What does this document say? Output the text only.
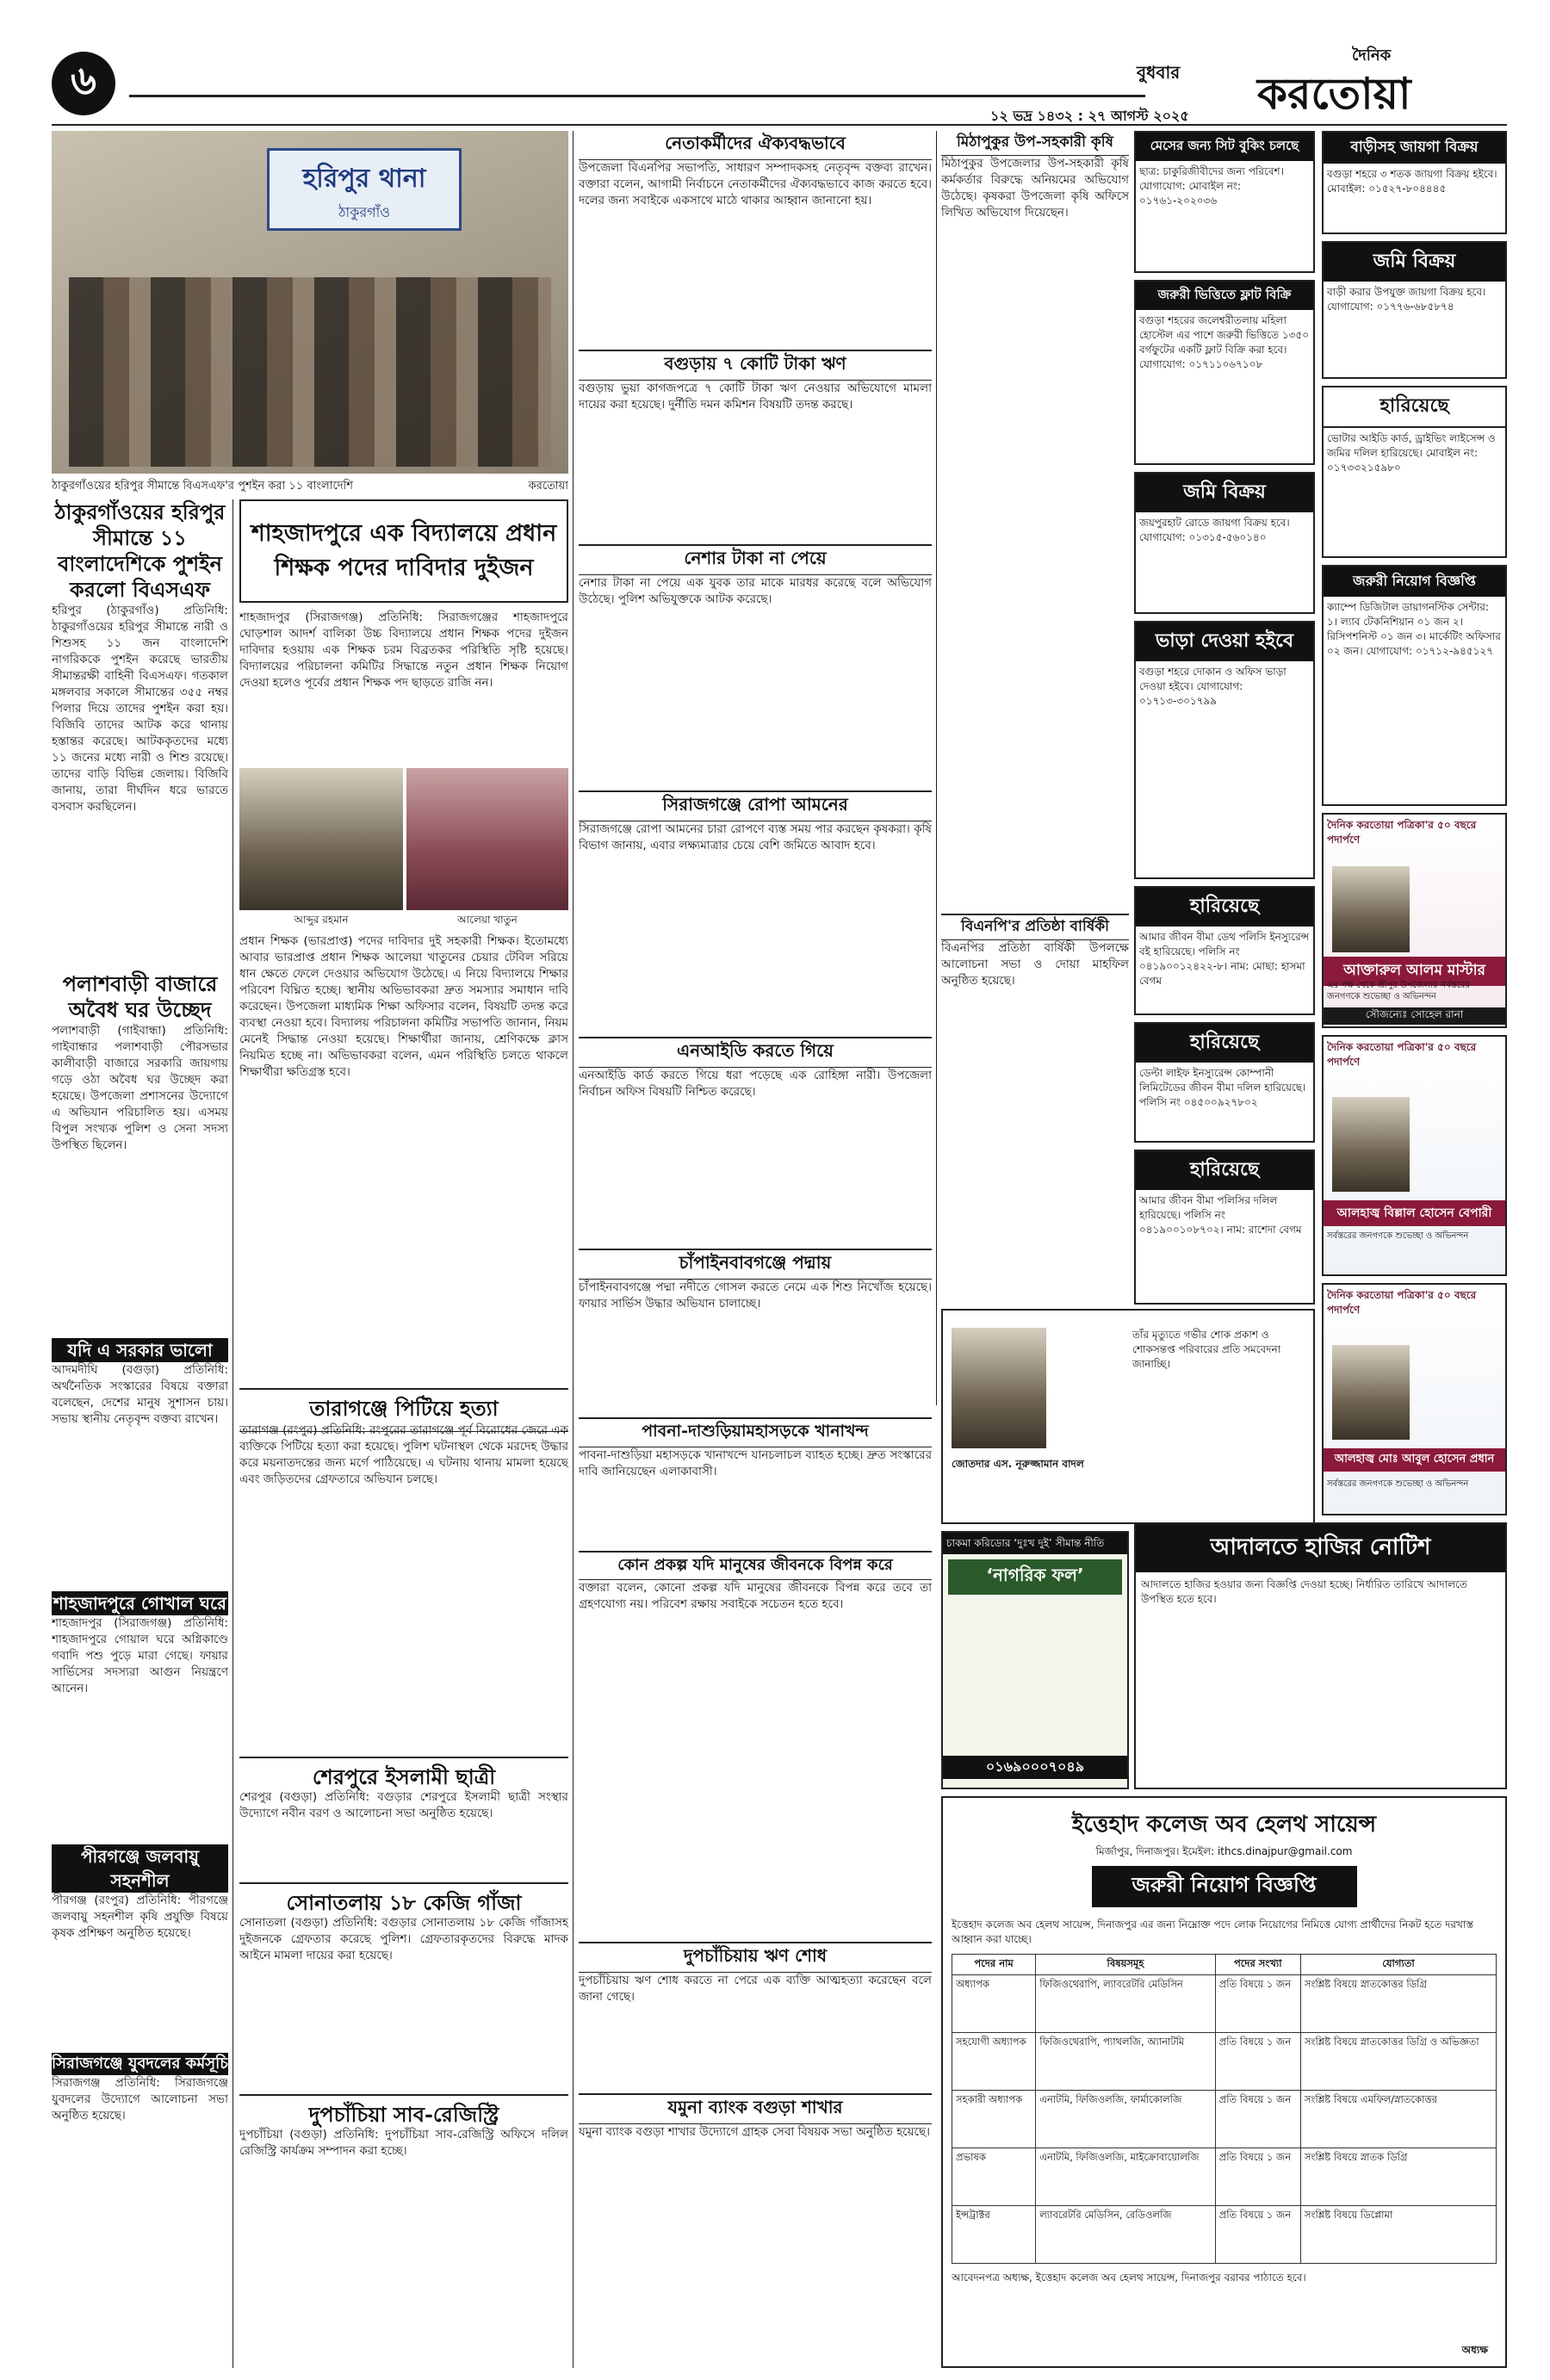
৬	বুধবার
১২ ভদ্র ১৪৩২ : ২৭ আগস্ট ২০২৫
দৈনিক
করতোয়া
হরিপুর থানা
ঠাকুরগাঁও
ঠাকুরগাঁওয়ের হরিপুর সীমান্তে বিএসএফ'র পুশইন করা ১১ বাংলাদেশি	করতোয়া
ঠাকুরগাঁওয়ের হরিপুর সীমান্তে ১১ বাংলাদেশিকে পুশইন করলো বিএসএফ
হরিপুর (ঠাকুরগাঁও) প্রতিনিধি: ঠাকুরগাঁওয়ের হরিপুর সীমান্তে নারী ও শিশুসহ ১১ জন বাংলাদেশি নাগরিককে পুশইন করেছে ভারতীয় সীমান্তরক্ষী বাহিনী বিএসএফ। গতকাল মঙ্গলবার সকালে সীমান্তের ৩৫৫ নম্বর পিলার দিয়ে তাদের পুশইন করা হয়। বিজিবি তাদের আটক করে থানায় হস্তান্তর করেছে। আটককৃতদের মধ্যে ১১ জনের মধ্যে নারী ও শিশু রয়েছে। তাদের বাড়ি বিভিন্ন জেলায়। বিজিবি জানায়, তারা দীর্ঘদিন ধরে ভারতে বসবাস করছিলেন।
পলাশবাড়ী বাজারে অবৈধ ঘর উচ্ছেদ
পলাশবাড়ী (গাইবান্ধা) প্রতিনিধি: গাইবান্ধার পলাশবাড়ী পৌরসভার কালীবাড়ী বাজারে সরকারি জায়গায় গড়ে ওঠা অবৈধ ঘর উচ্ছেদ করা হয়েছে। উপজেলা প্রশাসনের উদ্যোগে এ অভিযান পরিচালিত হয়। এসময় বিপুল সংখ্যক পুলিশ ও সেনা সদস্য উপস্থিত ছিলেন।
যদি এ সরকার ভালো
আদমদীঘি (বগুড়া) প্রতিনিধি: অর্থনৈতিক সংস্কারের বিষয়ে বক্তারা বলেছেন, দেশের মানুষ সুশাসন চায়। সভায় স্থানীয় নেতৃবৃন্দ বক্তব্য রাখেন।
শাহজাদপুরে গোখাল ঘরে
শাহজাদপুর (সিরাজগঞ্জ) প্রতিনিধি: শাহজাদপুরে গোয়াল ঘরে অগ্নিকাণ্ডে গবাদি পশু পুড়ে মারা গেছে। ফায়ার সার্ভিসের সদস্যরা আগুন নিয়ন্ত্রণে আনেন।
পীরগঞ্জে জলবায়ু সহনশীল
পীরগঞ্জ (রংপুর) প্রতিনিধি: পীরগঞ্জে জলবায়ু সহনশীল কৃষি প্রযুক্তি বিষয়ে কৃষক প্রশিক্ষণ অনুষ্ঠিত হয়েছে।
সিরাজগঞ্জে যুবদলের কর্মসূচি
সিরাজগঞ্জ প্রতিনিধি: সিরাজগঞ্জে যুবদলের উদ্যোগে আলোচনা সভা অনুষ্ঠিত হয়েছে।
শাহজাদপুরে এক বিদ্যালয়ে প্রধান শিক্ষক পদের দাবিদার দুইজন
শাহজাদপুর (সিরাজগঞ্জ) প্রতিনিধি: সিরাজগঞ্জের শাহজাদপুরে ঘোড়শাল আদর্শ বালিকা উচ্চ বিদ্যালয়ে প্রধান শিক্ষক পদের দুইজন দাবিদার হওয়ায় এক শিক্ষক চরম বিব্রতকর পরিস্থিতি সৃষ্টি হয়েছে। বিদ্যালয়ের পরিচালনা কমিটির সিদ্ধান্তে নতুন প্রধান শিক্ষক নিয়োগ দেওয়া হলেও পূর্বের প্রধান শিক্ষক পদ ছাড়তে রাজি নন।
আব্দুর রহমান	আলেয়া খাতুন
প্রধান শিক্ষক (ভারপ্রাপ্ত) পদের দাবিদার দুই সহকারী শিক্ষক। ইতোমধ্যে আবার ভারপ্রাপ্ত প্রধান শিক্ষক আলেয়া খাতুনের চেয়ার টেবিল সরিয়ে ধান ক্ষেতে ফেলে দেওয়ার অভিযোগ উঠেছে। এ নিয়ে বিদ্যালয়ে শিক্ষার পরিবেশ বিঘ্নিত হচ্ছে। স্থানীয় অভিভাবকরা দ্রুত সমস্যার সমাধান দাবি করেছেন। উপজেলা মাধ্যমিক শিক্ষা অফিসার বলেন, বিষয়টি তদন্ত করে ব্যবস্থা নেওয়া হবে। বিদ্যালয় পরিচালনা কমিটির সভাপতি জানান, নিয়ম মেনেই সিদ্ধান্ত নেওয়া হয়েছে। শিক্ষার্থীরা জানায়, শ্রেণিকক্ষে ক্লাস নিয়মিত হচ্ছে না। অভিভাবকরা বলেন, এমন পরিস্থিতি চলতে থাকলে শিক্ষার্থীরা ক্ষতিগ্রস্ত হবে।
তারাগঞ্জে পিটিয়ে হত্যা
তারাগঞ্জ (রংপুর) প্রতিনিধি: রংপুরের তারাগঞ্জে পূর্ব বিরোধের জেরে এক ব্যক্তিকে পিটিয়ে হত্যা করা হয়েছে। পুলিশ ঘটনাস্থল থেকে মরদেহ উদ্ধার করে ময়নাতদন্তের জন্য মর্গে পাঠিয়েছে। এ ঘটনায় থানায় মামলা হয়েছে এবং জড়িতদের গ্রেফতারে অভিযান চলছে।
শেরপুরে ইসলামী ছাত্রী
শেরপুর (বগুড়া) প্রতিনিধি: বগুড়ার শেরপুরে ইসলামী ছাত্রী সংস্থার উদ্যোগে নবীন বরণ ও আলোচনা সভা অনুষ্ঠিত হয়েছে।
সোনাতলায় ১৮ কেজি গাঁজা
সোনাতলা (বগুড়া) প্রতিনিধি: বগুড়ার সোনাতলায় ১৮ কেজি গাঁজাসহ দুইজনকে গ্রেফতার করেছে পুলিশ। গ্রেফতারকৃতদের বিরুদ্ধে মাদক আইনে মামলা দায়ের করা হয়েছে।
দুপচাঁচিয়া সাব-রেজিস্ট্রি
দুপচাঁচিয়া (বগুড়া) প্রতিনিধি: দুপচাঁচিয়া সাব-রেজিস্ট্রি অফিসে দলিল রেজিস্ট্রি কার্যক্রম সম্পাদন করা হচ্ছে।
নেতাকর্মীদের ঐক্যবদ্ধভাবে
উপজেলা বিএনপির সভাপতি, সাধারণ সম্পাদকসহ নেতৃবৃন্দ বক্তব্য রাখেন। বক্তারা বলেন, আগামী নির্বাচনে নেতাকর্মীদের ঐক্যবদ্ধভাবে কাজ করতে হবে। দলের জন্য সবাইকে একসাথে মাঠে থাকার আহ্বান জানানো হয়।
বগুড়ায় ৭ কোটি টাকা ঋণ
বগুড়ায় ভুয়া কাগজপত্রে ৭ কোটি টাকা ঋণ নেওয়ার অভিযোগে মামলা দায়ের করা হয়েছে। দুর্নীতি দমন কমিশন বিষয়টি তদন্ত করছে।
নেশার টাকা না পেয়ে
নেশার টাকা না পেয়ে এক যুবক তার মাকে মারধর করেছে বলে অভিযোগ উঠেছে। পুলিশ অভিযুক্তকে আটক করেছে।
সিরাজগঞ্জে রোপা আমনের
সিরাজগঞ্জে রোপা আমনের চারা রোপণে ব্যস্ত সময় পার করছেন কৃষকরা। কৃষি বিভাগ জানায়, এবার লক্ষ্যমাত্রার চেয়ে বেশি জমিতে আবাদ হবে।
এনআইডি করতে গিয়ে
এনআইডি কার্ড করতে গিয়ে ধরা পড়েছে এক রোহিঙ্গা নারী। উপজেলা নির্বাচন অফিস বিষয়টি নিশ্চিত করেছে।
চাঁপাইনবাবগঞ্জে পদ্মায়
চাঁপাইনবাবগঞ্জে পদ্মা নদীতে গোসল করতে নেমে এক শিশু নিখোঁজ হয়েছে। ফায়ার সার্ভিস উদ্ধার অভিযান চালাচ্ছে।
পাবনা-দাশুড়িয়ামহাসড়কে খানাখন্দ
পাবনা-দাশুড়িয়া মহাসড়কে খানাখন্দে যানচলাচল ব্যাহত হচ্ছে। দ্রুত সংস্কারের দাবি জানিয়েছেন এলাকাবাসী।
কোন প্রকল্প যদি মানুষের জীবনকে বিপন্ন করে
বক্তারা বলেন, কোনো প্রকল্প যদি মানুষের জীবনকে বিপন্ন করে তবে তা গ্রহণযোগ্য নয়। পরিবেশ রক্ষায় সবাইকে সচেতন হতে হবে।
দুপচাঁচিয়ায় ঋণ শোধ
দুপচাঁচিয়ায় ঋণ শোধ করতে না পেরে এক ব্যক্তি আত্মহত্যা করেছেন বলে জানা গেছে।
যমুনা ব্যাংক বগুড়া শাখার
যমুনা ব্যাংক বগুড়া শাখার উদ্যোগে গ্রাহক সেবা বিষয়ক সভা অনুষ্ঠিত হয়েছে।
মিঠাপুকুর উপ-সহকারী কৃষি
মিঠাপুকুর উপজেলার উপ-সহকারী কৃষি কর্মকর্তার বিরুদ্ধে অনিয়মের অভিযোগ উঠেছে। কৃষকরা উপজেলা কৃষি অফিসে লিখিত অভিযোগ দিয়েছেন।
বিএনপি'র প্রতিষ্ঠা বার্ষিকী
বিএনপির প্রতিষ্ঠা বার্ষিকী উপলক্ষে আলোচনা সভা ও দোয়া মাহফিল অনুষ্ঠিত হয়েছে।
মেসের জন্য সিট বুকিং চলছে
ছাত্র: চাকুরিজীবীদের জন্য পরিবেশ। যোগাযোগ: মোবাইল নং: ০১৭৬১-২০২০৩৬
জরুরী ভিত্তিতে ফ্লাট বিক্রি
বগুড়া শহরের জলেশ্বরীতলায় মহিলা হোস্টেল এর পাশে জরুরী ভিত্তিতে ১৩৫০ বর্গফুটের একটি ফ্লাট বিক্রি করা হবে। যোগাযোগ: ০১৭১১০৬৭১০৮
জমি বিক্রয়
জয়পুরহাট রোডে জায়গা বিক্রয় হবে। যোগাযোগ: ০১৩১৫-৫৬০১৪০
ভাড়া দেওয়া হইবে
বগুড়া শহরে দোকান ও অফিস ভাড়া দেওয়া হইবে। যোগাযোগ: ০১৭১৩-৩০১৭৯৯
হারিয়েছে
আমার জীবন বীমা ডেথ পলিসি ইনস্যুরেন্স বই হারিয়েছে। পলিসি নং ০৪১৯০০১২৪২২-৮। নাম: মোছা: হাসমা বেগম
হারিয়েছে
ডেল্টা লাইফ ইনস্যুরেন্স কোম্পানী লিমিটেডের জীবন বীমা দলিল হারিয়েছে। পলিসি নং ০৪৫০০৯২৭৮০২
হারিয়েছে
আমার জীবন বীমা পলিসির দলিল হারিয়েছে। পলিসি নং ০৪১৯০০১০৮৭০২। নাম: রাশেদা বেগম
বাড়ীসহ জায়গা বিক্রয়
বগুড়া শহরে ৩ শতক জায়গা বিক্রয় হইবে। মোবাইল: ০১৫২৭-৮০৪৪৪৫
জমি বিক্রয়
বাড়ী করার উপযুক্ত জায়গা বিক্রয় হবে। যোগাযোগ: ০১৭৭৬-৬৮৫৮৭৪
হারিয়েছে
ভোটার আইডি কার্ড, ড্রাইভিং লাইসেন্স ও জমির দলিল হারিয়েছে। মোবাইল নং: ০১৭৩৩২১৫৯৮০
জরুরী নিয়োগ বিজ্ঞপ্তি
ক্যাম্পে ডিজিটাল ডায়াগনস্টিক সেন্টার: ১। ল্যাব টেকনিশিয়ান ০১ জন ২। রিসিপশনিস্ট ০১ জন ৩। মার্কেটিং অফিসার ০২ জন। যোগাযোগ: ০১৭১২-৯৪৫১২৭
দৈনিক করতোয়া পত্রিকা'র ৫০ বছরে পদার্পণে
আক্তারুল আলম মাস্টার
এর পক্ষ থেকে শ্রীপুর উপজেলার সর্বস্তরের জনগণকে শুভেচ্ছা ও অভিনন্দন
সৌজন্যেঃ সোহেল রানা
দৈনিক করতোয়া পত্রিকা'র ৫০ বছরে পদার্পণে
আলহাজ্ব বিল্লাল হোসেন বেপারী
সর্বস্তরের জনগণকে শুভেচ্ছা ও অভিনন্দন
দৈনিক করতোয়া পত্রিকা'র ৫০ বছরে পদার্পণে
আলহাজ্ব মোঃ আবুল হোসেন প্রধান
সর্বস্তরের জনগণকে শুভেচ্ছা ও অভিনন্দন
জোতদার এস. নূরুজ্জামান বাদল
তাঁর মৃত্যুতে গভীর শোক প্রকাশ ও শোকসন্তপ্ত পরিবারের প্রতি সমবেদনা জানাচ্ছি।
চাকমা করিডোর ‘দুঃখ দুই’ সীমান্ত নীতি
‘নাগরিক ফল’
০১৬৯০০০৭০৪৯
আদালতে হাজির নোটিশ
আদালতে হাজির হওয়ার জন্য বিজ্ঞপ্তি দেওয়া হচ্ছে। নির্ধারিত তারিখে আদালতে উপস্থিত হতে হবে।
ইত্তেহাদ কলেজ অব হেলথ সায়েন্স
মির্জাপুর, দিনাজপুর। ইমেইল: ithcs.dinajpur@gmail.com
জরুরী নিয়োগ বিজ্ঞপ্তি
ইত্তেহাদ কলেজ অব হেলথ সায়েন্স, দিনাজপুর এর জন্য নিম্নোক্ত পদে লোক নিয়োগের নিমিত্তে যোগ্য প্রার্থীদের নিকট হতে দরখাস্ত আহ্বান করা যাচ্ছে।
পদের নাম	বিষয়সমূহ	পদের সংখ্যা	যোগ্যতা
অধ্যাপক	ফিজিওথেরাপি, ল্যাবরেটরি মেডিসিন	প্রতি বিষয়ে ১ জন	সংশ্লিষ্ট বিষয়ে স্নাতকোত্তর ডিগ্রি
সহযোগী অধ্যাপক	ফিজিওথেরাপি, প্যাথলজি, অ্যানাটমি	প্রতি বিষয়ে ১ জন	সংশ্লিষ্ট বিষয়ে স্নাতকোত্তর ডিগ্রি ও অভিজ্ঞতা
সহকারী অধ্যাপক	এনাটমি, ফিজিওলজি, ফার্মাকোলজি	প্রতি বিষয়ে ১ জন	সংশ্লিষ্ট বিষয়ে এমফিল/স্নাতকোত্তর
প্রভাষক	এনাটমি, ফিজিওলজি, মাইক্রোবায়োলজি	প্রতি বিষয়ে ১ জন	সংশ্লিষ্ট বিষয়ে স্নাতক ডিগ্রি
ইন্সট্রাক্টর	ল্যাবরেটরি মেডিসিন, রেডিওলজি	প্রতি বিষয়ে ১ জন	সংশ্লিষ্ট বিষয়ে ডিপ্লোমা
আবেদনপত্র অধ্যক্ষ, ইত্তেহাদ কলেজ অব হেলথ সায়েন্স, দিনাজপুর বরাবর পাঠাতে হবে।
অধ্যক্ষ
